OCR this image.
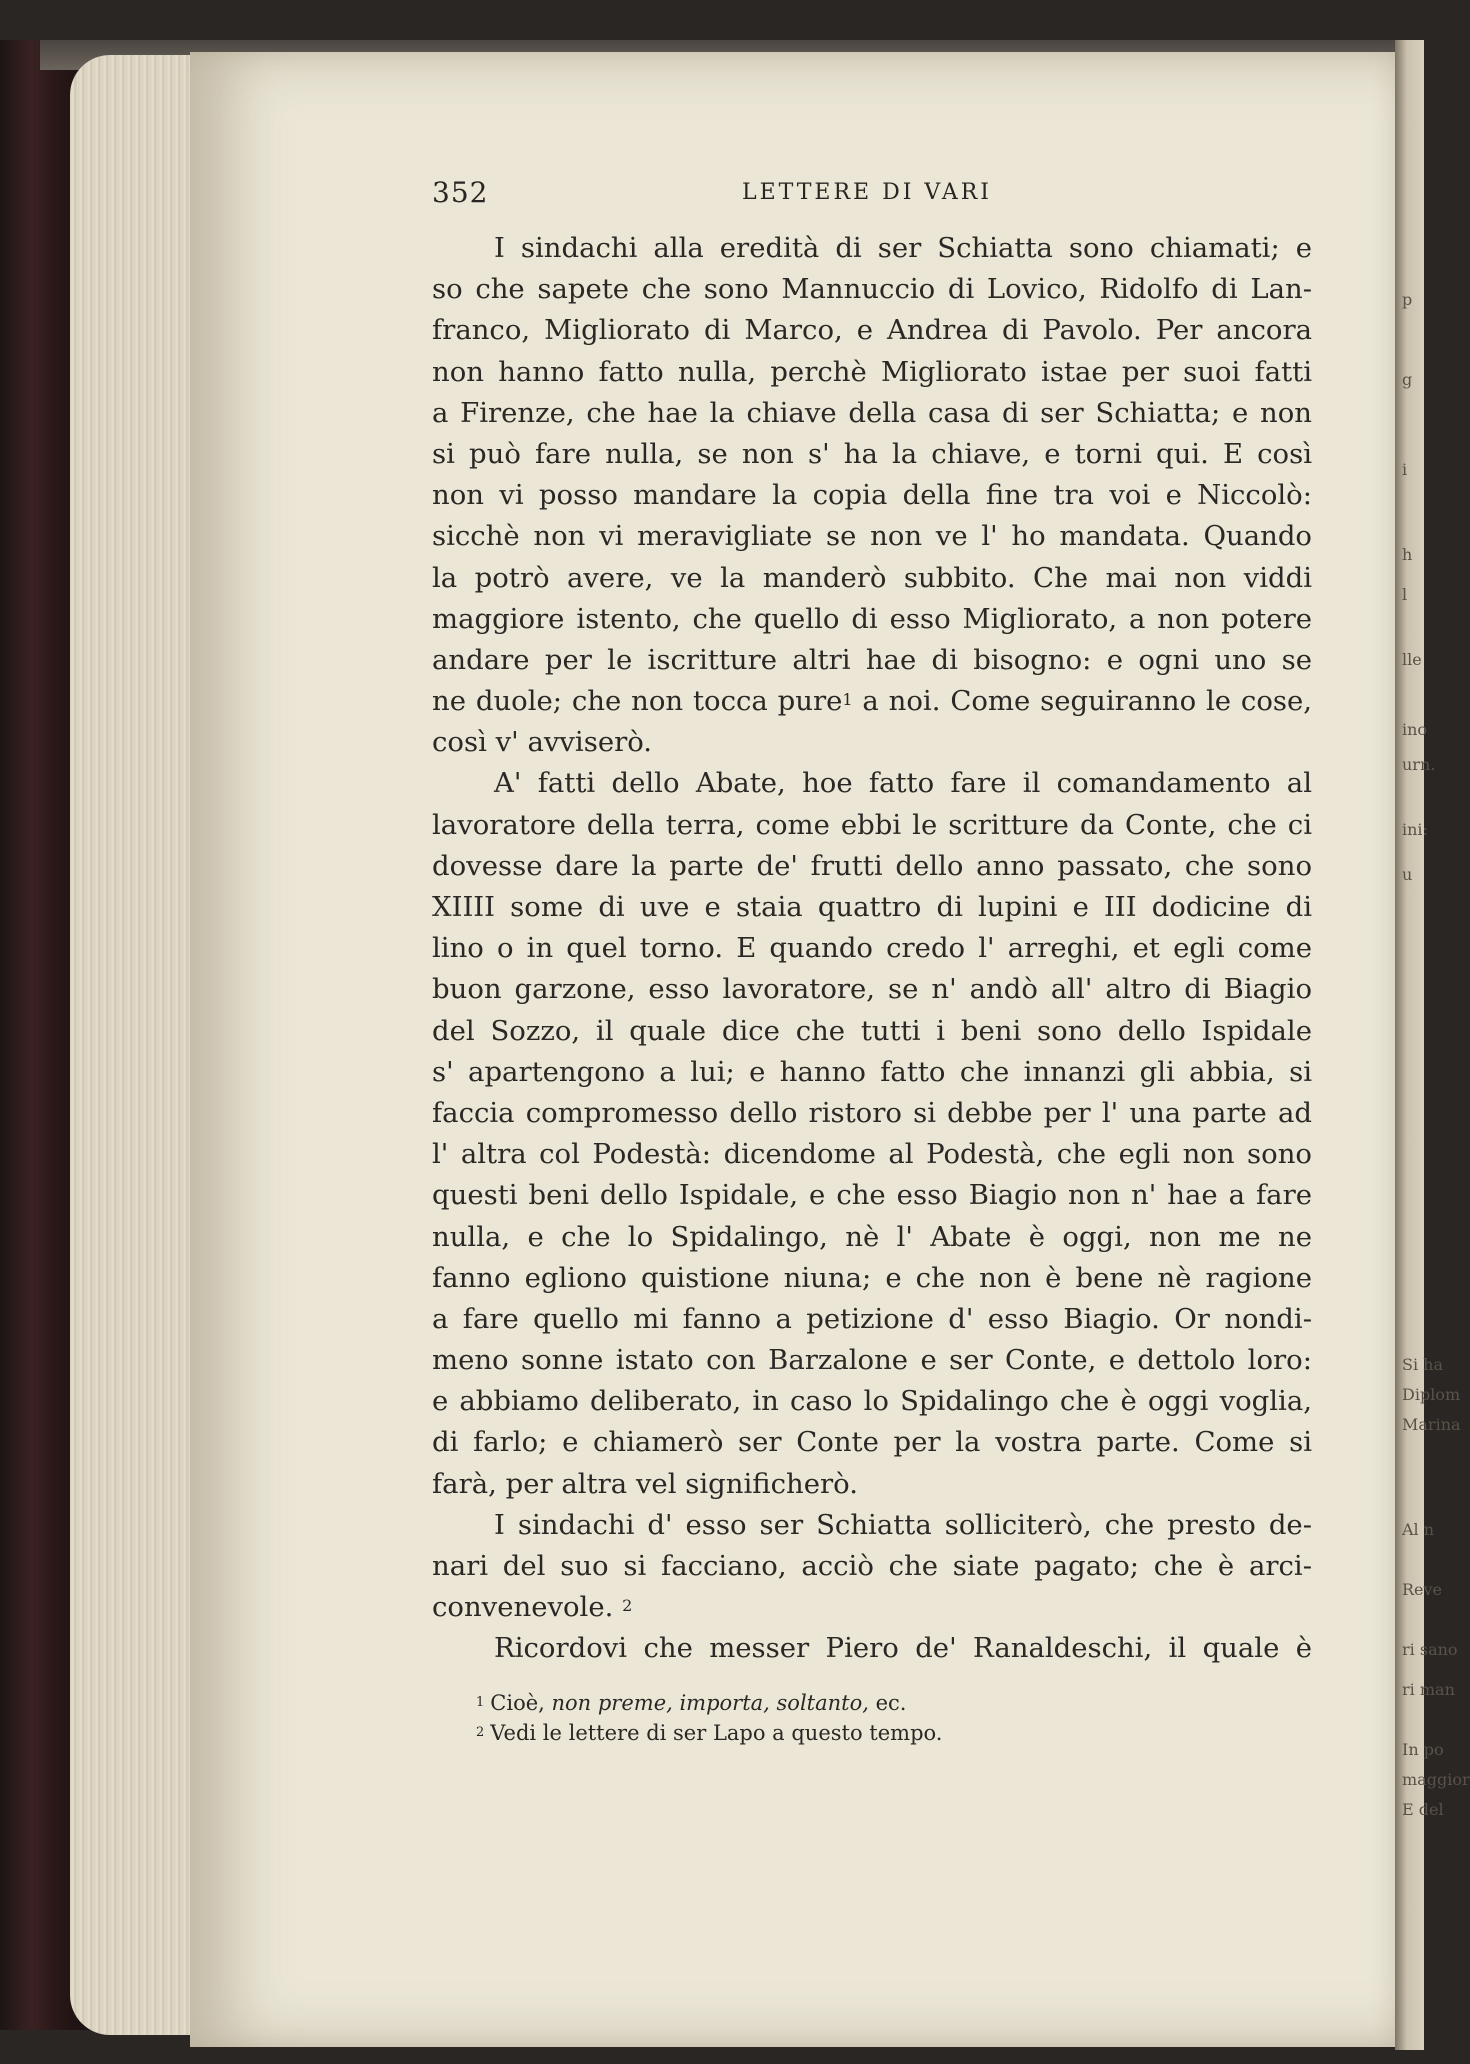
p
g
i
h
l
lle
ino
urn.
ini:
u
Si ha
Diplom
Marina
Al n
Reve
ri sano
ri man
In po
maggior
E del
352	LETTERE DI VARI
I sindachi alla eredità di ser Schiatta sono chiamati; e
so che sapete che sono Mannuccio di Lovico, Ridolfo di Lan-
franco, Migliorato di Marco, e Andrea di Pavolo. Per ancora
non hanno fatto nulla, perchè Migliorato istae per suoi fatti
a Firenze, che hae la chiave della casa di ser Schiatta; e non
si può fare nulla, se non s' ha la chiave, e torni qui. E così
non vi posso mandare la copia della fine tra voi e Niccolò:
sicchè non vi meravigliate se non ve l' ho mandata. Quando
la potrò avere, ve la manderò subbito. Che mai non viddi
maggiore istento, che quello di esso Migliorato, a non potere
andare per le iscritture altri hae di bisogno: e ogni uno se
ne duole; che non tocca pure$^1$ a noi. Come seguiranno le cose,
così v' avviserò.
A' fatti dello Abate, hoe fatto fare il comandamento al
lavoratore della terra, come ebbi le scritture da Conte, che ci
dovesse dare la parte de' frutti dello anno passato, che sono
XIIII some di uve e staia quattro di lupini e III dodicine di
lino o in quel torno. E quando credo l' arreghi, et egli come
buon garzone, esso lavoratore, se n' andò all' altro di Biagio
del Sozzo, il quale dice che tutti i beni sono dello Ispidale
s' apartengono a lui; e hanno fatto che innanzi gli abbia, si
faccia compromesso dello ristoro si debbe per l' una parte ad
l' altra col Podestà: dicendome al Podestà, che egli non sono
questi beni dello Ispidale, e che esso Biagio non n' hae a fare
nulla, e che lo Spidalingo, nè l' Abate è oggi, non me ne
fanno egliono quistione niuna; e che non è bene nè ragione
a fare quello mi fanno a petizione d' esso Biagio. Or nondi-
meno sonne istato con Barzalone e ser Conte, e dettolo loro:
e abbiamo deliberato, in caso lo Spidalingo che è oggi voglia,
di farlo; e chiamerò ser Conte per la vostra parte. Come si
farà, per altra vel significherò.
I sindachi d' esso ser Schiatta solliciterò, che presto de-
nari del suo si facciano, acciò che siate pagato; che è arci-
convenevole. $^2$
Ricordovi che messer Piero de' Ranaldeschi, il quale è
$^1$ Cioè, non preme, importa, soltanto, ec.
$^2$ Vedi le lettere di ser Lapo a questo tempo.
